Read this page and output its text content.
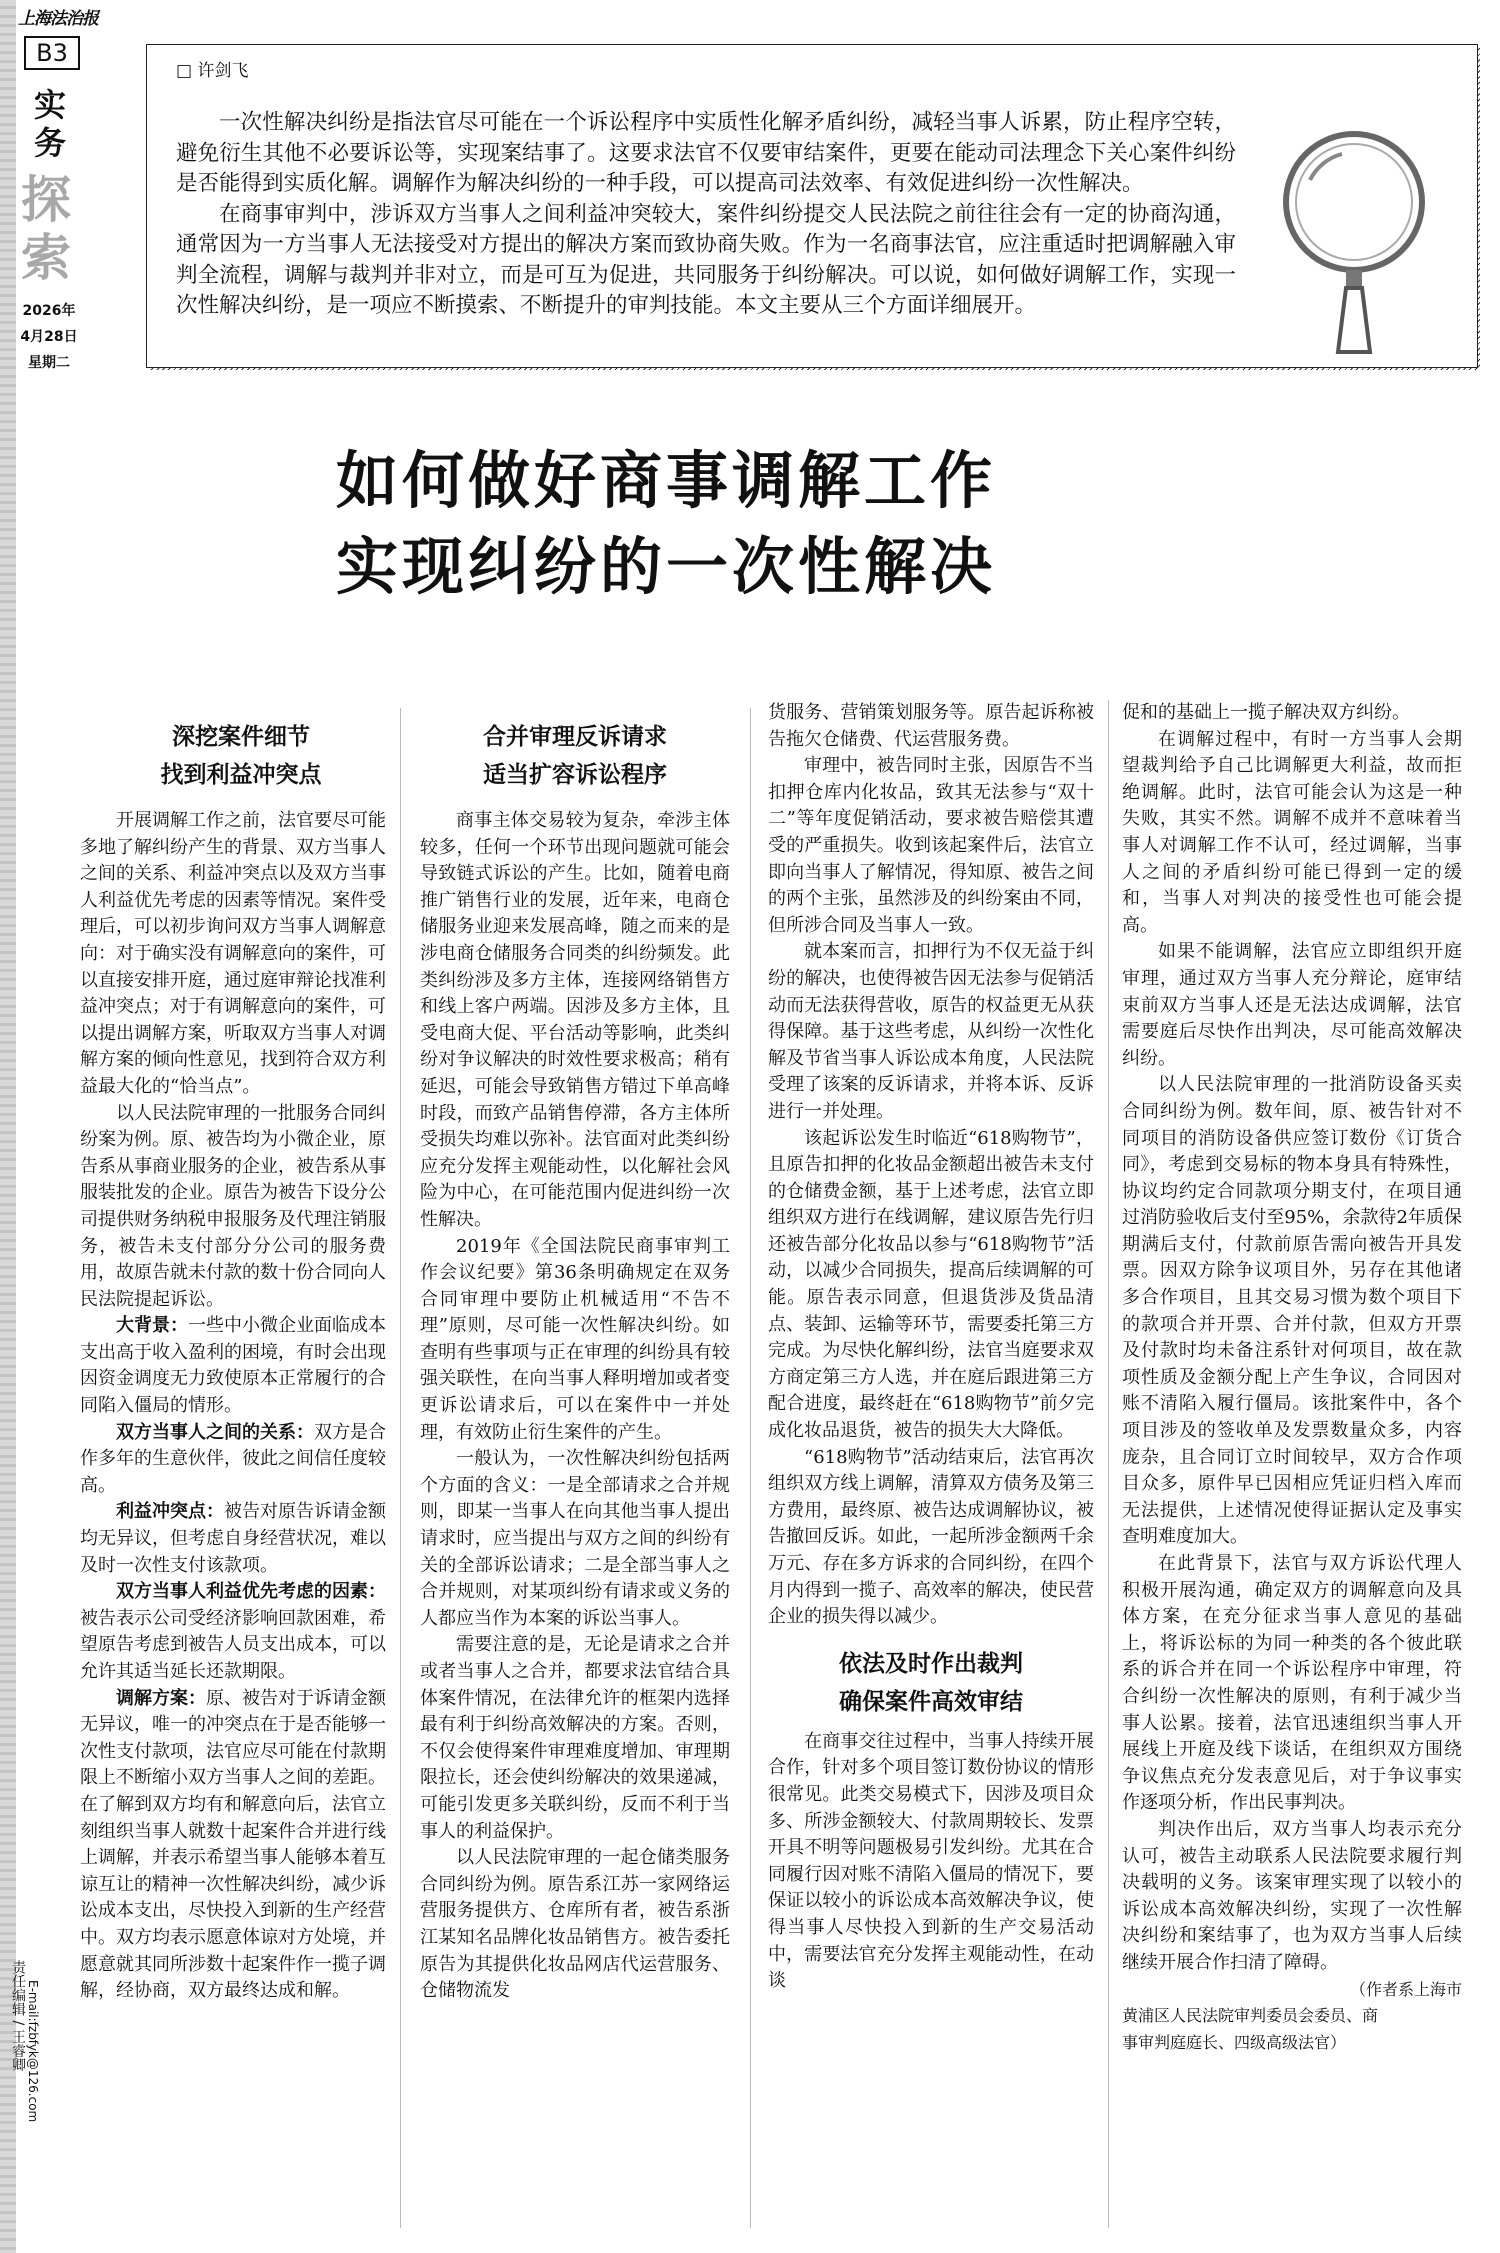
上海法治报
B3
实
务
探
索
2026年
4月28日
星期二
责任编辑 / 王睿卿 E-mail:fzbfyk@126.com
□ 许剑飞

一次性解决纠纷是指法官尽可能在一个诉讼程序中实质性化解矛盾纠纷，减轻当事人诉累，防止程序空转，避免衍生其他不必要诉讼等，实现案结事了。这要求法官不仅要审结案件，更要在能动司法理念下关心案件纠纷是否能得到实质化解。调解作为解决纠纷的一种手段，可以提高司法效率、有效促进纠纷一次性解决。

在商事审判中，涉诉双方当事人之间利益冲突较大，案件纠纷提交人民法院之前往往会有一定的协商沟通，通常因为一方当事人无法接受对方提出的解决方案而致协商失败。作为一名商事法官，应注重适时把调解融入审判全流程，调解与裁判并非对立，而是可互为促进，共同服务于纠纷解决。可以说，如何做好调解工作，实现一次性解决纠纷，是一项应不断摸索、不断提升的审判技能。本文主要从三个方面详细展开。

如何做好商事调解工作
实现纠纷的一次性解决
深挖案件细节
找到利益冲突点

开展调解工作之前，法官要尽可能多地了解纠纷产生的背景、双方当事人之间的关系、利益冲突点以及双方当事人利益优先考虑的因素等情况。案件受理后，可以初步询问双方当事人调解意向：对于确实没有调解意向的案件，可以直接安排开庭，通过庭审辩论找准利益冲突点；对于有调解意向的案件，可以提出调解方案，听取双方当事人对调解方案的倾向性意见，找到符合双方利益最大化的“恰当点”。

以人民法院审理的一批服务合同纠纷案为例。原、被告均为小微企业，原告系从事商业服务的企业，被告系从事服装批发的企业。原告为被告下设分公司提供财务纳税申报服务及代理注销服务，被告未支付部分分公司的服务费用，故原告就未付款的数十份合同向人民法院提起诉讼。

大背景：一些中小微企业面临成本支出高于收入盈利的困境，有时会出现因资金调度无力致使原本正常履行的合同陷入僵局的情形。

双方当事人之间的关系：双方是合作多年的生意伙伴，彼此之间信任度较高。

利益冲突点：被告对原告诉请金额均无异议，但考虑自身经营状况，难以及时一次性支付该款项。

双方当事人利益优先考虑的因素：被告表示公司受经济影响回款困难，希望原告考虑到被告人员支出成本，可以允许其适当延长还款期限。

调解方案：原、被告对于诉请金额无异议，唯一的冲突点在于是否能够一次性支付款项，法官应尽可能在付款期限上不断缩小双方当事人之间的差距。在了解到双方均有和解意向后，法官立刻组织当事人就数十起案件合并进行线上调解，并表示希望当事人能够本着互谅互让的精神一次性解决纠纷，减少诉讼成本支出，尽快投入到新的生产经营中。双方均表示愿意体谅对方处境，并愿意就其同所涉数十起案件作一揽子调解，经协商，双方最终达成和解。

合并审理反诉请求
适当扩容诉讼程序

商事主体交易较为复杂，牵涉主体较多，任何一个环节出现问题就可能会导致链式诉讼的产生。比如，随着电商推广销售行业的发展，近年来，电商仓储服务业迎来发展高峰，随之而来的是涉电商仓储服务合同类的纠纷频发。此类纠纷涉及多方主体，连接网络销售方和线上客户两端。因涉及多方主体，且受电商大促、平台活动等影响，此类纠纷对争议解决的时效性要求极高；稍有延迟，可能会导致销售方错过下单高峰时段，而致产品销售停滞，各方主体所受损失均难以弥补。法官面对此类纠纷应充分发挥主观能动性，以化解社会风险为中心，在可能范围内促进纠纷一次性解决。

2019年《全国法院民商事审判工作会议纪要》第36条明确规定在双务合同审理中要防止机械适用“不告不理”原则，尽可能一次性解决纠纷。如查明有些事项与正在审理的纠纷具有较强关联性，在向当事人释明增加或者变更诉讼请求后，可以在案件中一并处理，有效防止衍生案件的产生。

一般认为，一次性解决纠纷包括两个方面的含义：一是全部请求之合并规则，即某一当事人在向其他当事人提出请求时，应当提出与双方之间的纠纷有关的全部诉讼请求；二是全部当事人之合并规则，对某项纠纷有请求或义务的人都应当作为本案的诉讼当事人。

需要注意的是，无论是请求之合并或者当事人之合并，都要求法官结合具体案件情况，在法律允许的框架内选择最有利于纠纷高效解决的方案。否则，不仅会使得案件审理难度增加、审理期限拉长，还会使纠纷解决的效果递减，可能引发更多关联纠纷，反而不利于当事人的利益保护。

以人民法院审理的一起仓储类服务合同纠纷为例。原告系江苏一家网络运营服务提供方、仓库所有者，被告系浙江某知名品牌化妆品销售方。被告委托原告为其提供化妆品网店代运营服务、仓储物流发

货服务、营销策划服务等。原告起诉称被告拖欠仓储费、代运营服务费。

审理中，被告同时主张，因原告不当扣押仓库内化妆品，致其无法参与“双十二”等年度促销活动，要求被告赔偿其遭受的严重损失。收到该起案件后，法官立即向当事人了解情况，得知原、被告之间的两个主张，虽然涉及的纠纷案由不同，但所涉合同及当事人一致。

就本案而言，扣押行为不仅无益于纠纷的解决，也使得被告因无法参与促销活动而无法获得营收，原告的权益更无从获得保障。基于这些考虑，从纠纷一次性化解及节省当事人诉讼成本角度，人民法院受理了该案的反诉请求，并将本诉、反诉进行一并处理。

该起诉讼发生时临近“618购物节”，且原告扣押的化妆品金额超出被告未支付的仓储费金额，基于上述考虑，法官立即组织双方进行在线调解，建议原告先行归还被告部分化妆品以参与“618购物节”活动，以减少合同损失，提高后续调解的可能。原告表示同意，但退货涉及货品清点、装卸、运输等环节，需要委托第三方完成。为尽快化解纠纷，法官当庭要求双方商定第三方人选，并在庭后跟进第三方配合进度，最终赶在“618购物节”前夕完成化妆品退货，被告的损失大大降低。

“618购物节”活动结束后，法官再次组织双方线上调解，清算双方债务及第三方费用，最终原、被告达成调解协议，被告撤回反诉。如此，一起所涉金额两千余万元、存在多方诉求的合同纠纷，在四个月内得到一揽子、高效率的解决，使民营企业的损失得以减少。

依法及时作出裁判
确保案件高效审结

在商事交往过程中，当事人持续开展合作，针对多个项目签订数份协议的情形很常见。此类交易模式下，因涉及项目众多、所涉金额较大、付款周期较长、发票开具不明等问题极易引发纠纷。尤其在合同履行因对账不清陷入僵局的情况下，要保证以较小的诉讼成本高效解决争议，使得当事人尽快投入到新的生产交易活动中，需要法官充分发挥主观能动性，在动谈

促和的基础上一揽子解决双方纠纷。

在调解过程中，有时一方当事人会期望裁判给予自己比调解更大利益，故而拒绝调解。此时，法官可能会认为这是一种失败，其实不然。调解不成并不意味着当事人对调解工作不认可，经过调解，当事人之间的矛盾纠纷可能已得到一定的缓和，当事人对判决的接受性也可能会提高。

如果不能调解，法官应立即组织开庭审理，通过双方当事人充分辩论，庭审结束前双方当事人还是无法达成调解，法官需要庭后尽快作出判决，尽可能高效解决纠纷。

以人民法院审理的一批消防设备买卖合同纠纷为例。数年间，原、被告针对不同项目的消防设备供应签订数份《订货合同》，考虑到交易标的物本身具有特殊性，协议均约定合同款项分期支付，在项目通过消防验收后支付至95%，余款待2年质保期满后支付，付款前原告需向被告开具发票。因双方除争议项目外，另存在其他诸多合作项目，且其交易习惯为数个项目下的款项合并开票、合并付款，但双方开票及付款时均未备注系针对何项目，故在款项性质及金额分配上产生争议，合同因对账不清陷入履行僵局。该批案件中，各个项目涉及的签收单及发票数量众多，内容庞杂，且合同订立时间较早，双方合作项目众多，原件早已因相应凭证归档入库而无法提供，上述情况使得证据认定及事实查明难度加大。

在此背景下，法官与双方诉讼代理人积极开展沟通，确定双方的调解意向及具体方案，在充分征求当事人意见的基础上，将诉讼标的为同一种类的各个彼此联系的诉合并在同一个诉讼程序中审理，符合纠纷一次性解决的原则，有利于减少当事人讼累。接着，法官迅速组织当事人开展线上开庭及线下谈话，在组织双方围绕争议焦点充分发表意见后，对于争议事实作逐项分析，作出民事判决。

判决作出后，双方当事人均表示充分认可，被告主动联系人民法院要求履行判决载明的义务。该案审理实现了以较小的诉讼成本高效解决纠纷，实现了一次性解决纠纷和案结事了，也为双方当事人后续继续开展合作扫清了障碍。

（作者系上海市
黄浦区人民法院审判委员会委员、商
事审判庭庭长、四级高级法官）
